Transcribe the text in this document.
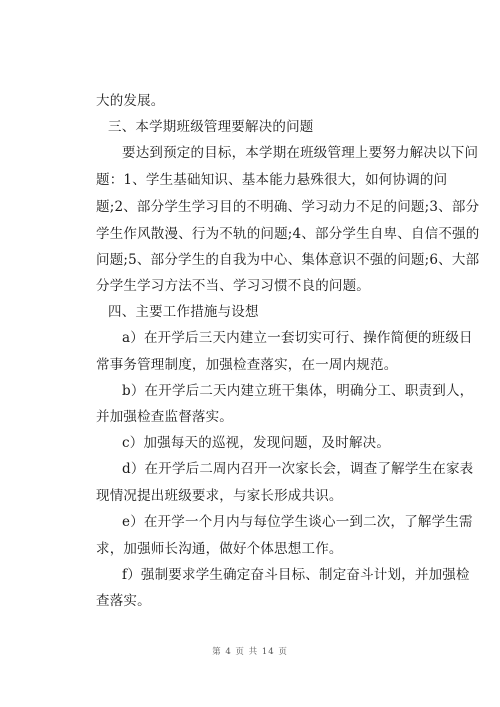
大的发展。
三、本学期班级管理要解决的问题
要达到预定的目标，本学期在班级管理上要努力解决以下问
题：1、学生基础知识、基本能力悬殊很大，如何协调的问
题;2、部分学生学习目的不明确、学习动力不足的问题;3、部分
学生作风散漫、行为不轨的问题;4、部分学生自卑、自信不强的
问题;5、部分学生的自我为中心、集体意识不强的问题;6、大部
分学生学习方法不当、学习习惯不良的问题。
四、主要工作措施与设想
a）在开学后三天内建立一套切实可行、操作简便的班级日
常事务管理制度，加强检查落实，在一周内规范。
b）在开学后二天内建立班干集体，明确分工、职责到人，
并加强检查监督落实。
c）加强每天的巡视，发现问题，及时解决。
d）在开学后二周内召开一次家长会，调查了解学生在家表
现情况提出班级要求，与家长形成共识。
e）在开学一个月内与每位学生谈心一到二次，了解学生需
求，加强师长沟通，做好个体思想工作。
f）强制要求学生确定奋斗目标、制定奋斗计划，并加强检
查落实。
第 4 页 共 14 页
